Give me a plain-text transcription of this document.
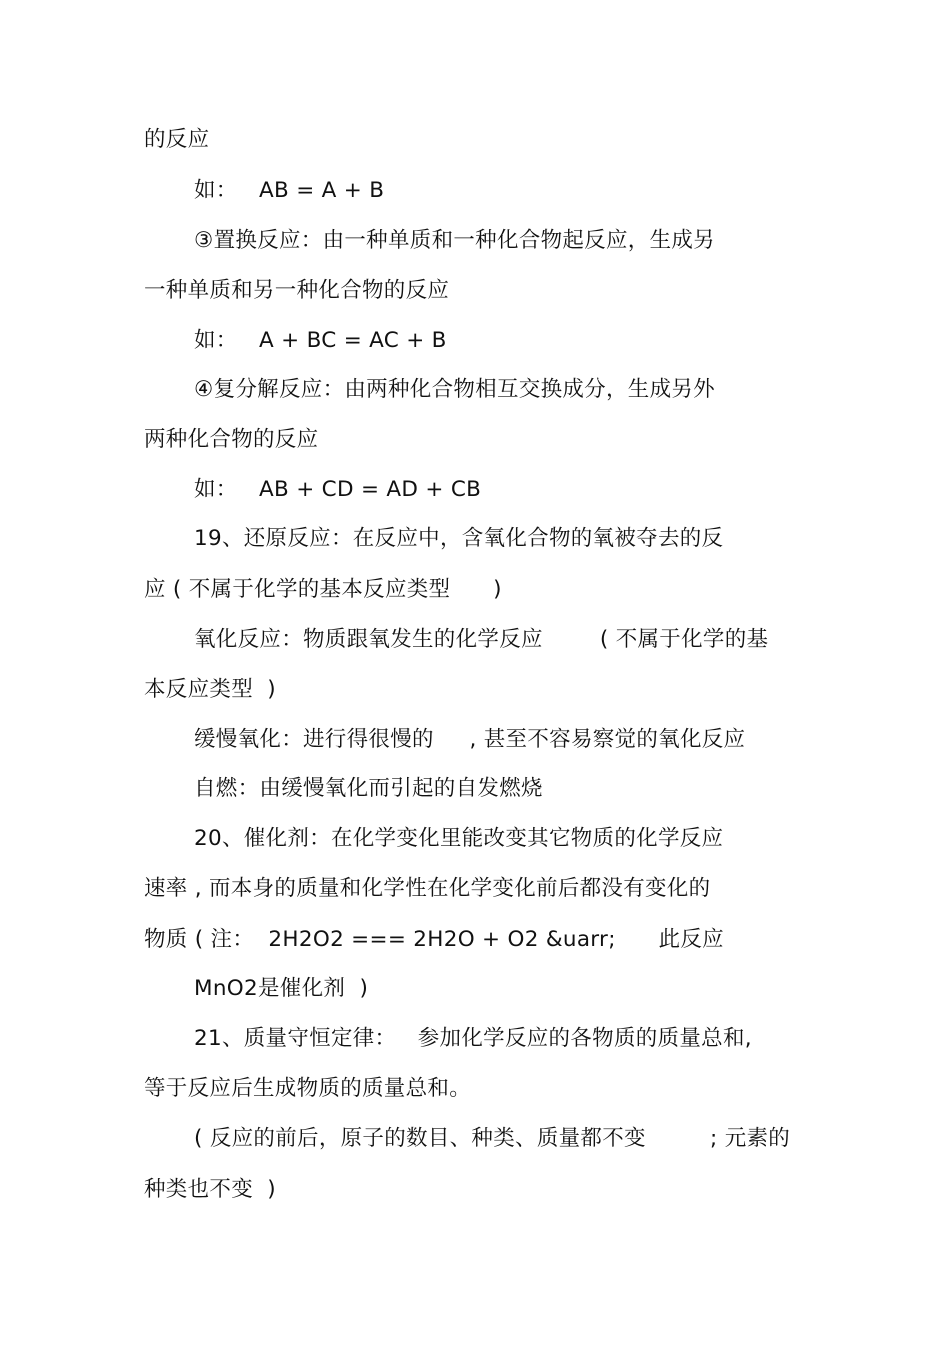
的反应
如：   AB = A + B
③置换反应：由一种单质和一种化合物起反应，生成另
一种单质和另一种化合物的反应
如：   A + BC = AC + B
④复分解反应：由两种化合物相互交换成分，生成另外
两种化合物的反应
如：   AB + CD = AD + CB
19、还原反应：在反应中，含氧化合物的氧被夺去的反
应 ( 不属于化学的基本反应类型      )
氧化反应：物质跟氧发生的化学反应        ( 不属于化学的基
本反应类型  )
缓慢氧化：进行得很慢的     , 甚至不容易察觉的氧化反应
自燃：由缓慢氧化而引起的自发燃烧
20、催化剂：在化学变化里能改变其它物质的化学反应
速率 , 而本身的质量和化学性在化学变化前后都没有变化的
物质 ( 注：  2H2O2 === 2H2O + O2 &uarr;      此反应
MnO2是催化剂  )
21、质量守恒定律：   参加化学反应的各物质的质量总和,
等于反应后生成物质的质量总和。
( 反应的前后，原子的数目、种类、质量都不变         ; 元素的
种类也不变  )
